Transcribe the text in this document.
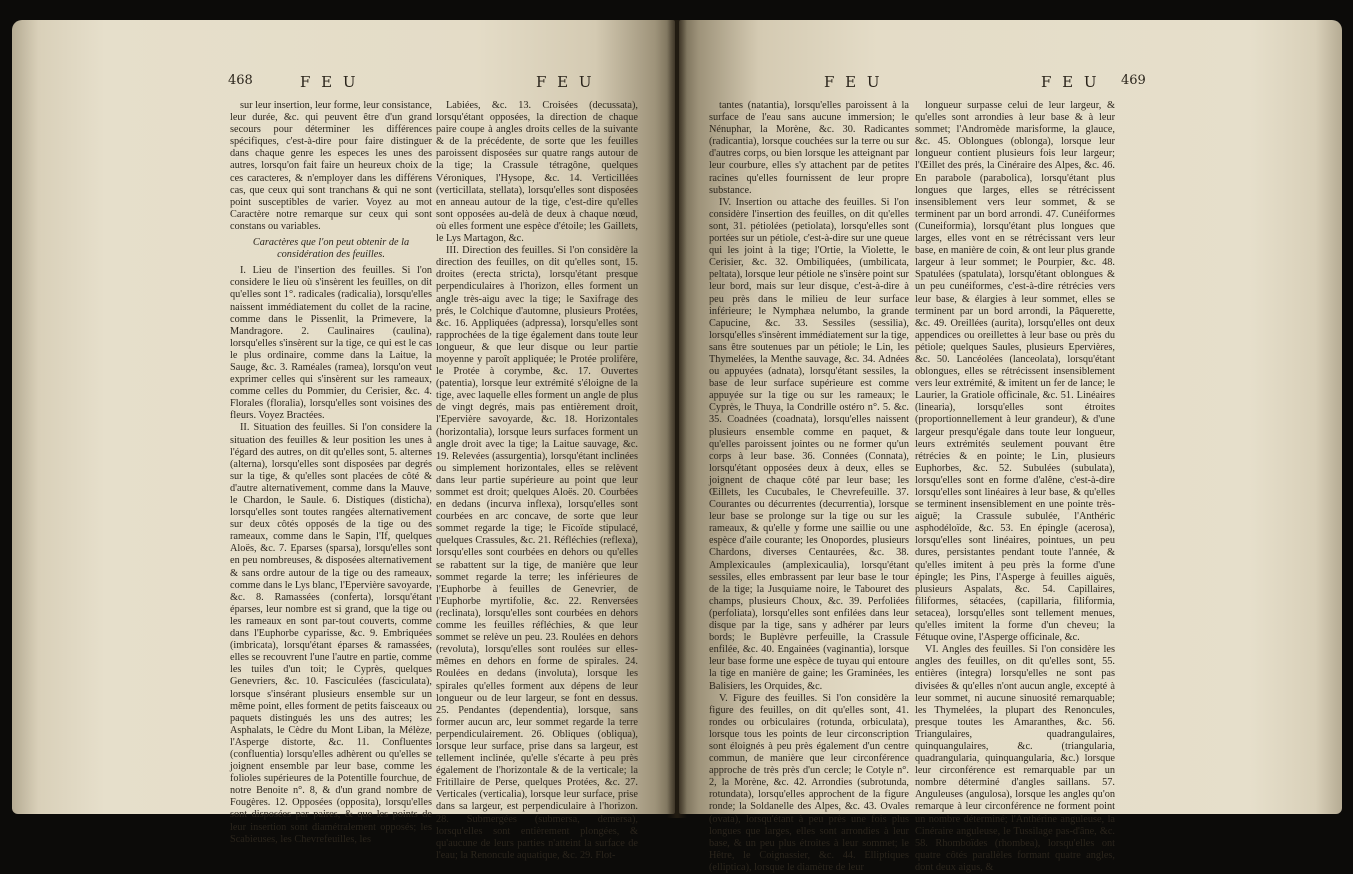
468	F E U	F E U

sur leur insertion, leur forme, leur consistance, leur durée, &c. qui peuvent être d'un grand secours pour déterminer les différences spécifiques, c'est-à-dire pour faire distinguer dans chaque genre les especes les unes des autres, lorsqu'on fait faire un heureux choix de ces caracteres, & n'employer dans les différens cas, que ceux qui sont tranchans & qui ne sont point susceptibles de varier. Voyez au mot Caractère notre remarque sur ceux qui sont constans ou variables.

Caractères que l'on peut obtenir de la considération des feuilles.

I. Lieu de l'insertion des feuilles. Si l'on considere le lieu où s'insèrent les feuilles, on dit qu'elles sont 1°. radicales (radicalia), lorsqu'elles naissent immédiatement du collet de la racine, comme dans le Pissenlit, la Primevere, la Mandragore. 2. Caulinaires (caulina), lorsqu'elles s'insèrent sur la tige, ce qui est le cas le plus ordinaire, comme dans la Laitue, la Sauge, &c. 3. Raméales (ramea), lorsqu'on veut exprimer celles qui s'insèrent sur les rameaux, comme celles du Pommier, du Cerisier, &c. 4. Florales (floralia), lorsqu'elles sont voisines des fleurs. Voyez Bractées.

II. Situation des feuilles. Si l'on considere la situation des feuilles & leur position les unes à l'égard des autres, on dit qu'elles sont, 5. alternes (alterna), lorsqu'elles sont disposées par degrés sur la tige, & qu'elles sont placées de côté & d'autre alternativement, comme dans la Mauve, le Chardon, le Saule. 6. Distiques (disticha), lorsqu'elles sont toutes rangées alternativement sur deux côtés opposés de la tige ou des rameaux, comme dans le Sapin, l'If, quelques Aloës, &c. 7. Eparses (sparsa), lorsqu'elles sont en peu nombreuses, & disposées alternativement & sans ordre autour de la tige ou des rameaux, comme dans le Lys blanc, l'Epervière savoyarde, &c. 8. Ramassées (conferta), lorsqu'étant éparses, leur nombre est si grand, que la tige ou les rameaux en sont par-tout couverts, comme dans l'Euphorbe cyparisse, &c. 9. Embriquées (imbricata), lorsqu'étant éparses & ramassées, elles se recouvrent l'une l'autre en partie, comme les tuiles d'un toit; le Cyprès, quelques Genevriers, &c. 10. Fasciculées (fasciculata), lorsque s'insérant plusieurs ensemble sur un même point, elles forment de petits faisceaux ou paquets distingués les uns des autres; les Asphalats, le Cèdre du Mont Liban, la Mélèze, l'Asperge distorte, &c. 11. Confluentes (confluentia) lorsqu'elles adhèrent ou qu'elles se joignent ensemble par leur base, comme les folioles supérieures de la Potentille fourchue, de notre Benoite n°. 8, & d'un grand nombre de Fougères. 12. Opposées (opposita), lorsqu'elles sont disposées par paires, & que les points de leur insertion sont diamétralement opposés; les Scabieuses, les Chevrefeuilles, les

Labiées, &c. 13. Croisées (decussata), lorsqu'étant opposées, la direction de chaque paire coupe à angles droits celles de la suivante & de la précédente, de sorte que les feuilles paroissent disposées sur quatre rangs autour de la tige; la Crassule tétragône, quelques Véroniques, l'Hysope, &c. 14. Verticillées (verticillata, stellata), lorsqu'elles sont disposées en anneau autour de la tige, c'est-dire qu'elles sont opposées au-delà de deux à chaque nœud, où elles forment une espèce d'étoile; les Gaillets, le Lys Martagon, &c.

III. Direction des feuilles. Si l'on considère la direction des feuilles, on dit qu'elles sont, 15. droites (erecta stricta), lorsqu'étant presque perpendiculaires à l'horizon, elles forment un angle très-aigu avec la tige; le Saxifrage des prés, le Colchique d'automne, plusieurs Protées, &c. 16. Appliquées (adpressa), lorsqu'elles sont rapprochées de la tige également dans toute leur longueur, & que leur disque ou leur partie moyenne y paroît appliquée; le Protée prolifère, le Protée à corymbe, &c. 17. Ouvertes (patentia), lorsque leur extrémité s'éloigne de la tige, avec laquelle elles forment un angle de plus de vingt degrés, mais pas entièrement droit, l'Epervière savoyarde, &c. 18. Horizontales (horizontalia), lorsque leurs surfaces forment un angle droit avec la tige; la Laitue sauvage, &c. 19. Relevées (assurgentia), lorsqu'étant inclinées ou simplement horizontales, elles se relèvent dans leur partie supérieure au point que leur sommet est droit; quelques Aloës. 20. Courbées en dedans (incurva inflexa), lorsqu'elles sont courbées en arc concave, de sorte que leur sommet regarde la tige; le Ficoïde stipulacé, quelques Crassules, &c. 21. Réfléchies (reflexa), lorsqu'elles sont courbées en dehors ou qu'elles se rabattent sur la tige, de manière que leur sommet regarde la terre; les inférieures de l'Euphorbe à feuilles de Genevrier, de l'Euphorbe myrtifolie, &c. 22. Renversées (reclinata), lorsqu'elles sont courbées en dehors comme les feuilles réfléchies, & que leur sommet se relève un peu. 23. Roulées en dehors (revoluta), lorsqu'elles sont roulées sur elles-mêmes en dehors en forme de spirales. 24. Roulées en dedans (involuta), lorsque les spirales qu'elles forment aux dépens de leur longueur ou de leur largeur, se font en dessus. 25. Pendantes (dependentia), lorsque, sans former aucun arc, leur sommet regarde la terre perpendiculairement. 26. Obliques (obliqua), lorsque leur surface, prise dans sa largeur, est tellement inclinée, qu'elle s'écarte à peu près également de l'horizontale & de la verticale; la Fritillaire de Perse, quelques Protées, &c. 27. Verticales (verticalia), lorsque leur surface, prise dans sa largeur, est perpendiculaire à l'horizon. 28. Submergées (submersa, demersa), lorsqu'elles sont entièrement plongées, & qu'aucune de leurs parties n'atteint la surface de l'eau; la Renoncule aquatique, &c. 29. Flot-

F E U	F E U 469

tantes (natantia), lorsqu'elles paroissent à la surface de l'eau sans aucune immersion; le Nénuphar, la Morène, &c. 30. Radicantes (radicantia), lorsque couchées sur la terre ou sur d'autres corps, ou bien lorsque les atteignant par leur courbure, elles s'y attachent par de petites racines qu'elles fournissent de leur propre substance.

IV. Insertion ou attache des feuilles. Si l'on considère l'insertion des feuilles, on dit qu'elles sont, 31. pétiolées (petiolata), lorsqu'elles sont portées sur un pétiole, c'est-à-dire sur une queue qui les joint à la tige; l'Ortie, la Violette, le Cerisier, &c. 32. Ombiliquées, (umbilicata, peltata), lorsque leur pétiole ne s'insère point sur leur bord, mais sur leur disque, c'est-à-dire à peu près dans le milieu de leur surface inférieure; le Nymphæa nelumbo, la grande Capucine, &c. 33. Sessiles (sessilia), lorsqu'elles s'insèrent immédiatement sur la tige, sans être soutenues par un pétiole; le Lin, les Thymelées, la Menthe sauvage, &c. 34. Adnées ou appuyées (adnata), lorsqu'étant sessiles, la base de leur surface supérieure est comme appuyée sur la tige ou sur les rameaux; le Cyprès, le Thuya, la Condrille ostéro n°. 5. &c. 35. Coadnées (coadnata), lorsqu'elles naissent plusieurs ensemble comme en paquet, & qu'elles paroissent jointes ou ne former qu'un corps à leur base. 36. Connées (Connata), lorsqu'étant opposées deux à deux, elles se joignent de chaque côté par leur base; les Œillets, les Cucubales, le Chevrefeuille. 37. Courantes ou décurrentes (decurrentia), lorsque leur base se prolonge sur la tige ou sur les rameaux, & qu'elle y forme une saillie ou une espèce d'aile courante; les Onopordes, plusieurs Chardons, diverses Centaurées, &c. 38. Amplexicaules (amplexicaulia), lorsqu'étant sessiles, elles embrassent par leur base le tour de la tige; la Jusquiame noire, le Tabouret des champs, plusieurs Choux, &c. 39. Perfoliées (perfoliata), lorsqu'elles sont enfilées dans leur disque par la tige, sans y adhérer par leurs bords; le Buplèvre perfeuille, la Crassule enfilée, &c. 40. Engainées (vaginantia), lorsque leur base forme une espèce de tuyau qui entoure la tige en manière de gaine; les Graminées, les Balisiers, les Orquides, &c.

V. Figure des feuilles. Si l'on considère la figure des feuilles, on dit qu'elles sont, 41. rondes ou orbiculaires (rotunda, orbiculata), lorsque tous les points de leur circonscription sont éloignés à peu près également d'un centre commun, de manière que leur circonférence approche de très près d'un cercle; le Cotyle n°. 2, la Morène, &c. 42. Arrondies (subrotunda, rotundata), lorsqu'elles approchent de la figure ronde; la Soldanelle des Alpes, &c. 43. Ovales (ovata), lorsqu'étant à peu près une fois plus longues que larges, elles sont arrondies à leur base, & un peu plus étroites à leur sommet; le Hêtre, le Coignassier, &c. 44. Elliptiques (elliptica), lorsque le diamètre de leur

longueur surpasse celui de leur largeur, & qu'elles sont arrondies à leur base & à leur sommet; l'Andromède marisforme, la glauce, &c. 45. Oblongues (oblonga), lorsque leur longueur contient plusieurs fois leur largeur; l'Œillet des prés, la Cinéraire des Alpes, &c. 46. En parabole (parabolica), lorsqu'étant plus longues que larges, elles se rétrécissent insensiblement vers leur sommet, & se terminent par un bord arrondi. 47. Cunéiformes (Cuneiformia), lorsqu'étant plus longues que larges, elles vont en se rétrécissant vers leur base, en manière de coin, & ont leur plus grande largeur à leur sommet; le Pourpier, &c. 48. Spatulées (spatulata), lorsqu'étant oblongues & un peu cunéiformes, c'est-à-dire rétrécies vers leur base, & élargies à leur sommet, elles se terminent par un bord arrondi, la Pâquerette, &c. 49. Oreillées (aurita), lorsqu'elles ont deux appendices ou oreillettes à leur base ou près du pétiole; quelques Saules, plusieurs Epervières, &c. 50. Lancéolées (lanceolata), lorsqu'étant oblongues, elles se rétrécissent insensiblement vers leur extrémité, & imitent un fer de lance; le Laurier, la Gratiole officinale, &c. 51. Linéaires (linearia), lorsqu'elles sont étroites (proportionnellement à leur grandeur), & d'une largeur presqu'égale dans toute leur longueur, leurs extrémités seulement pouvant être rétrécies & en pointe; le Lin, plusieurs Euphorbes, &c. 52. Subulées (subulata), lorsqu'elles sont en forme d'alêne, c'est-à-dire lorsqu'elles sont linéaires à leur base, & qu'elles se terminent insensiblement en une pointe très-aiguë; la Crassule subulée, l'Anthéric asphodéloïde, &c. 53. En épingle (acerosa), lorsqu'elles sont linéaires, pointues, un peu dures, persistantes pendant toute l'année, & qu'elles imitent à peu près la forme d'une épingle; les Pins, l'Asperge à feuilles aiguës, plusieurs Aspalats, &c. 54. Capillaires, filiformes, sétacées, (capillaria, filiformia, setacea), lorsqu'elles sont tellement menues, qu'elles imitent la forme d'un cheveu; la Fétuque ovine, l'Asperge officinale, &c.

VI. Angles des feuilles. Si l'on considère les angles des feuilles, on dit qu'elles sont, 55. entières (integra) lorsqu'elles ne sont pas divisées & qu'elles n'ont aucun angle, excepté à leur sommet, ni aucune sinuosité remarquable; les Thymelées, la plupart des Renoncules, presque toutes les Amaranthes, &c. 56. Triangulaires, quadrangulaires, quinquangulaires, &c. (triangularia, quadrangularia, quinquangularia, &c.) lorsque leur circonférence est remarquable par un nombre déterminé d'angles saillans. 57. Anguleuses (angulosa), lorsque les angles qu'on remarque à leur circonférence ne forment point un nombre déterminé; l'Anthérine anguleuse, la Cinéraire anguleuse, le Tussilage pas-d'âne, &c. 58. Rhomboïdes (rhombea), lorsqu'elles ont quatre côtés parallèles formant quatre angles, dont deux aigus, &
